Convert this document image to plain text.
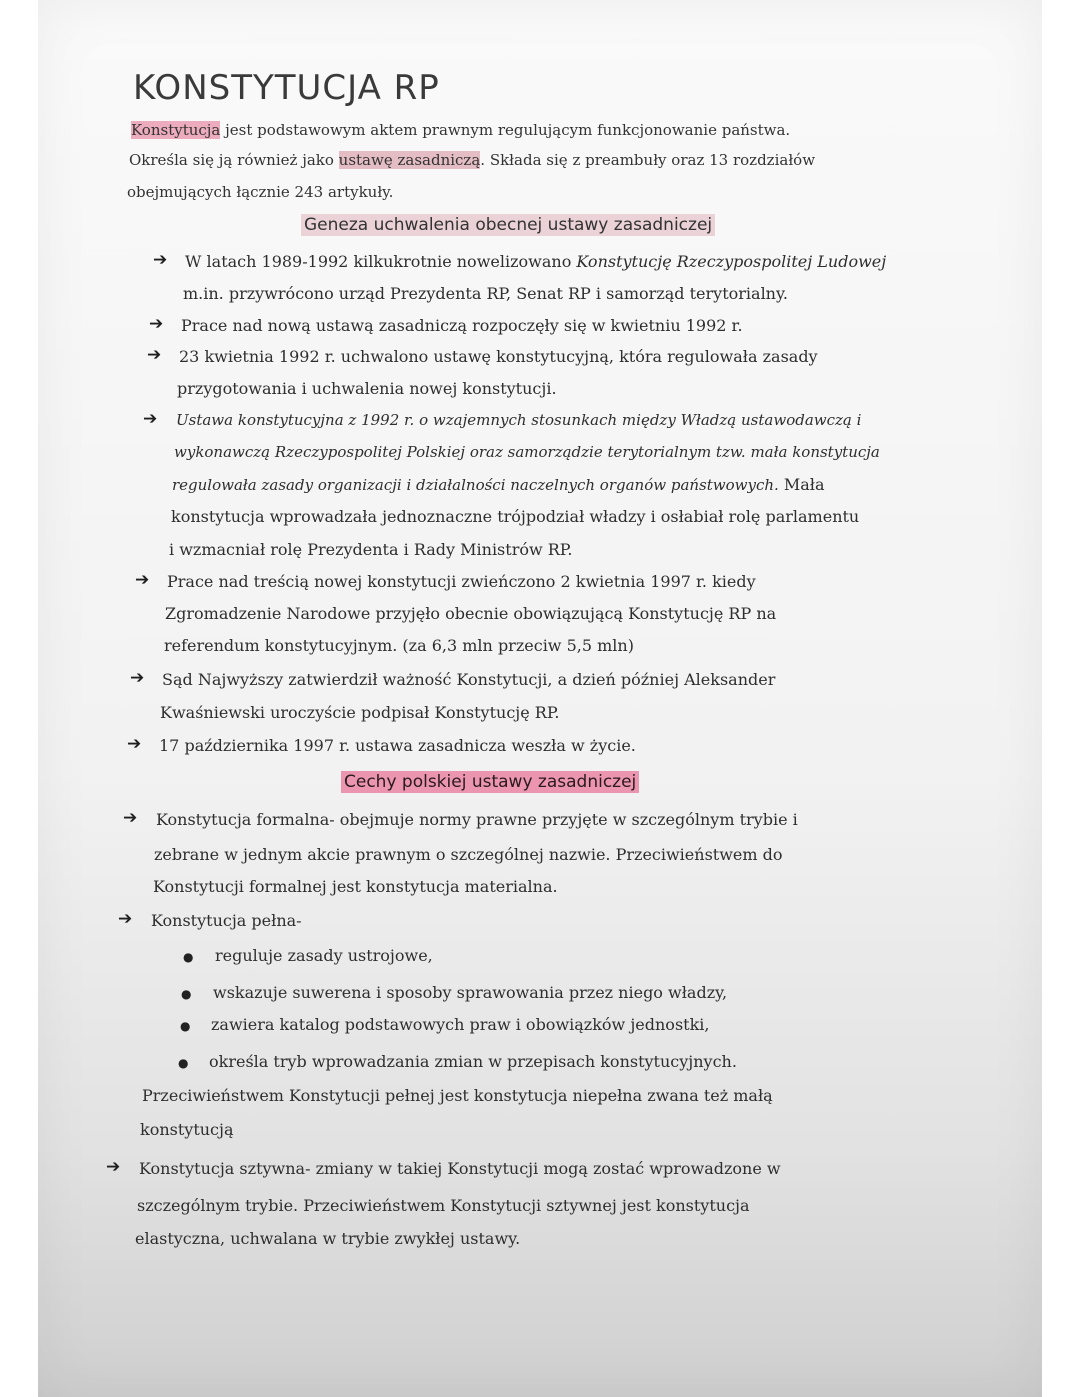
KONSTYTUCJA RP
Konstytucja jest podstawowym aktem prawnym regulującym funkcjonowanie państwa.
Określa się ją również jako ustawę zasadniczą. Składa się z preambuły oraz 13 rozdziałów
obejmujących łącznie 243 artykuły.
Geneza uchwalenia obecnej ustawy zasadniczej
➔ W latach 1989-1992 kilkukrotnie nowelizowano Konstytucję Rzeczypospolitej Ludowej
m.in. przywrócono urząd Prezydenta RP, Senat RP i samorząd terytorialny.
➔ Prace nad nową ustawą zasadniczą rozpoczęły się w kwietniu 1992 r.
➔ 23 kwietnia 1992 r. uchwalono ustawę konstytucyjną, która regulowała zasady
przygotowania i uchwalenia nowej konstytucji.
➔ Ustawa konstytucyjna z 1992 r. o wzajemnych stosunkach między Władzą ustawodawczą i
wykonawczą Rzeczypospolitej Polskiej oraz samorządzie terytorialnym tzw. mała konstytucja
regulowała zasady organizacji i działalności naczelnych organów państwowych. Mała
konstytucja wprowadzała jednoznaczne trójpodział władzy i osłabiał rolę parlamentu
i wzmacniał rolę Prezydenta i Rady Ministrów RP.
➔ Prace nad treścią nowej konstytucji zwieńczono 2 kwietnia 1997 r. kiedy
Zgromadzenie Narodowe przyjęło obecnie obowiązującą Konstytucję RP na
referendum konstytucyjnym. (za 6,3 mln przeciw 5,5 mln)
➔ Sąd Najwyższy zatwierdził ważność Konstytucji, a dzień później Aleksander
Kwaśniewski uroczyście podpisał Konstytucję RP.
➔ 17 października 1997 r. ustawa zasadnicza weszła w życie.
Cechy polskiej ustawy zasadniczej
➔ Konstytucja formalna- obejmuje normy prawne przyjęte w szczególnym trybie i
zebrane w jednym akcie prawnym o szczególnej nazwie. Przeciwieństwem do
Konstytucji formalnej jest konstytucja materialna.
➔ Konstytucja pełna-
● reguluje zasady ustrojowe,
● wskazuje suwerena i sposoby sprawowania przez niego władzy,
● zawiera katalog podstawowych praw i obowiązków jednostki,
● określa tryb wprowadzania zmian w przepisach konstytucyjnych.
Przeciwieństwem Konstytucji pełnej jest konstytucja niepełna zwana też małą
konstytucją
➔ Konstytucja sztywna- zmiany w takiej Konstytucji mogą zostać wprowadzone w
szczególnym trybie. Przeciwieństwem Konstytucji sztywnej jest konstytucja
elastyczna, uchwalana w trybie zwykłej ustawy.
